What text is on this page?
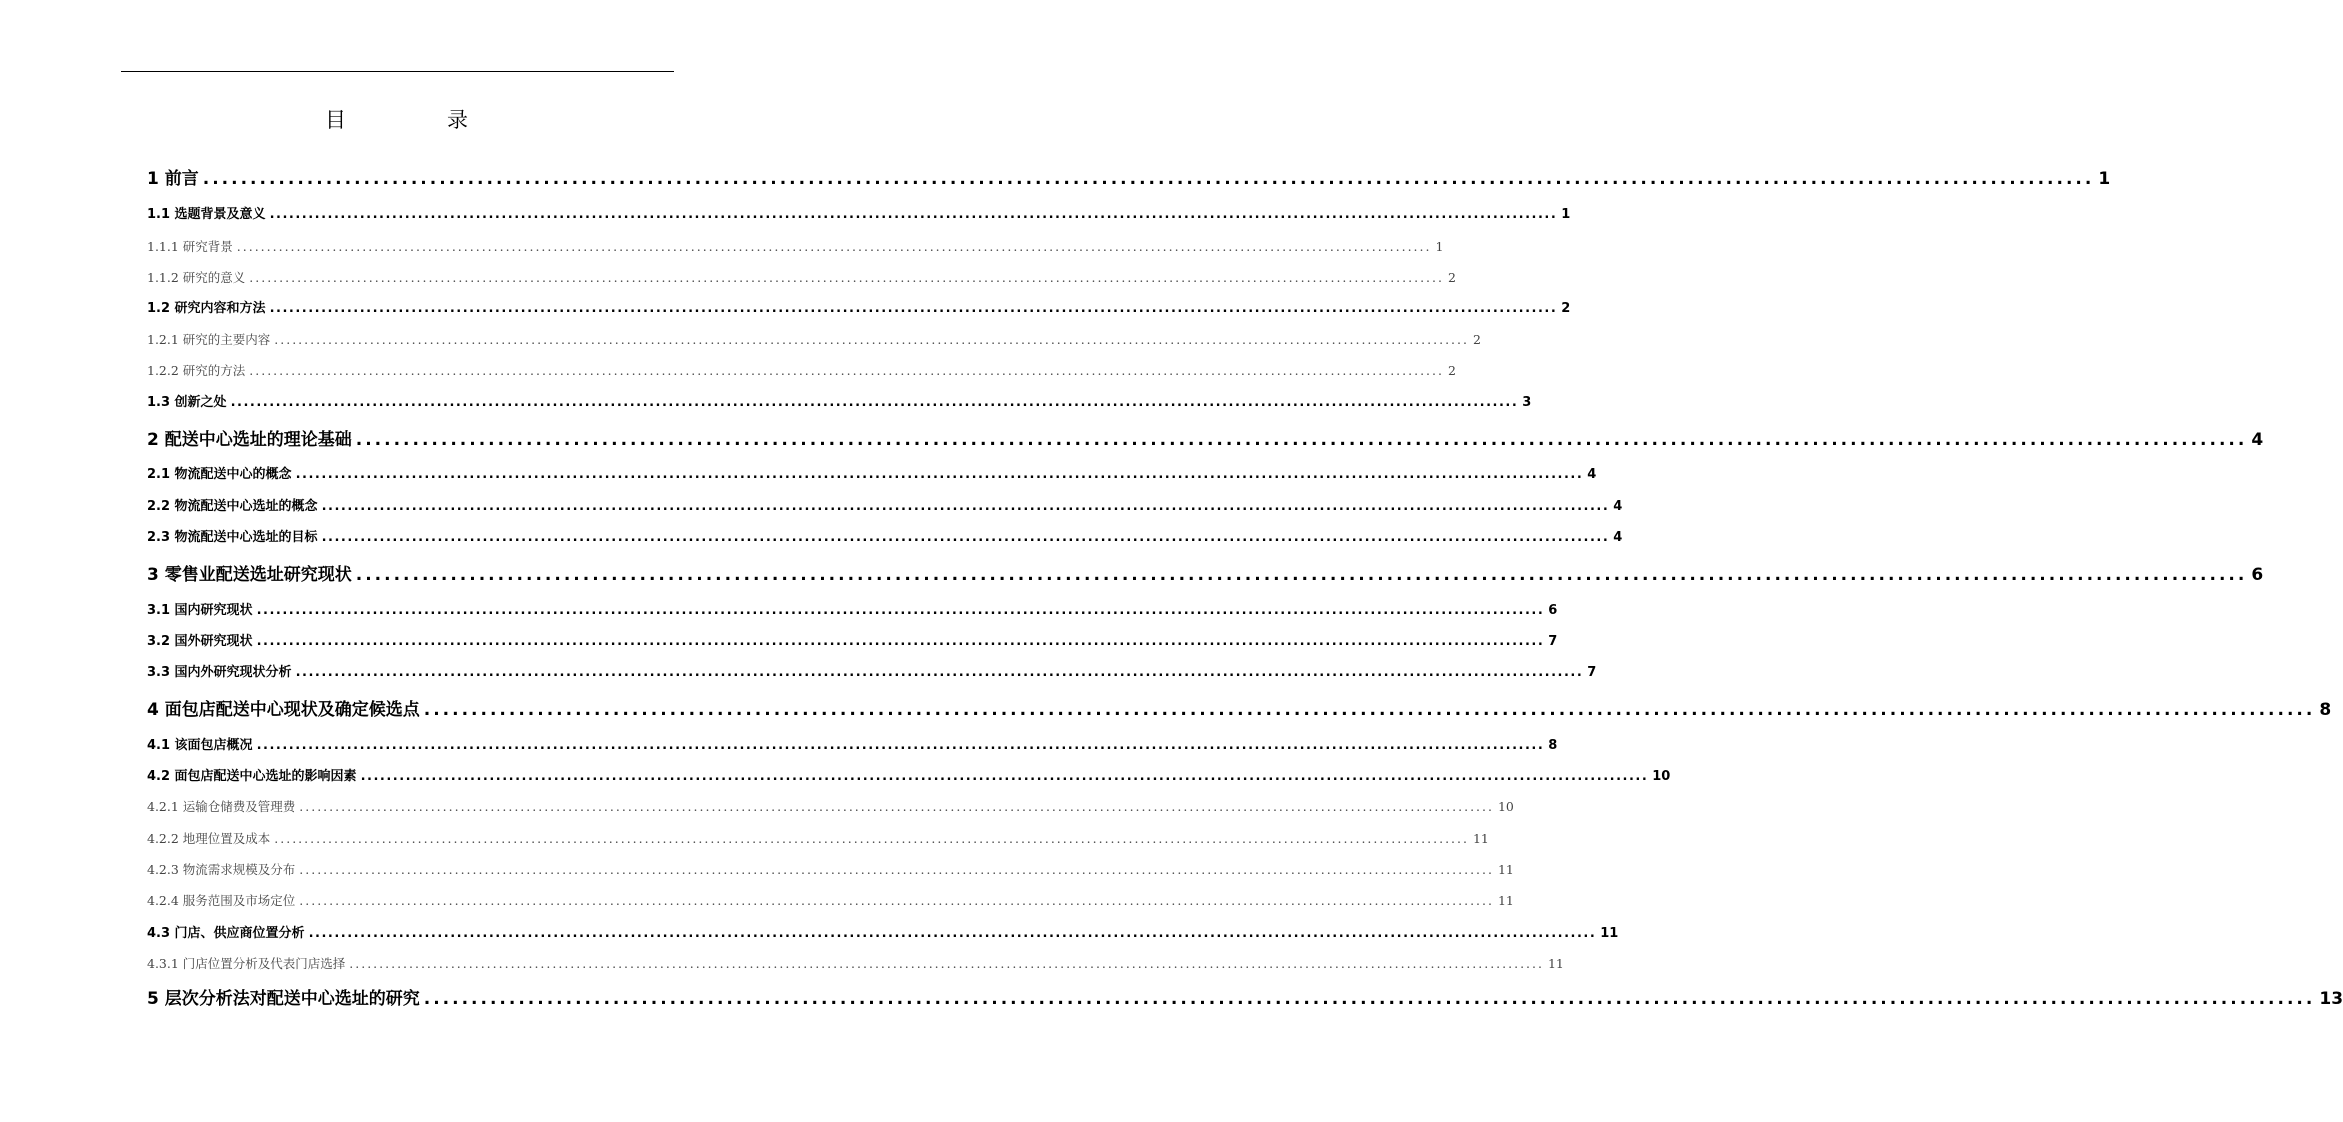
目　录
1 前言 ........................................................................................................................................................................................................ 1
1.1 选题背景及意义 ........................................................................................................................................................................................................ 1
1.1.1 研究背景 ........................................................................................................................................................................................................ 1
1.1.2 研究的意义 ........................................................................................................................................................................................................ 2
1.2 研究内容和方法 ........................................................................................................................................................................................................ 2
1.2.1 研究的主要内容 ........................................................................................................................................................................................................ 2
1.2.2 研究的方法 ........................................................................................................................................................................................................ 2
1.3 创新之处 ........................................................................................................................................................................................................ 3
2 配送中心选址的理论基础 ........................................................................................................................................................................................................ 4
2.1 物流配送中心的概念 ........................................................................................................................................................................................................ 4
2.2 物流配送中心选址的概念 ........................................................................................................................................................................................................ 4
2.3 物流配送中心选址的目标 ........................................................................................................................................................................................................ 4
3 零售业配送选址研究现状 ........................................................................................................................................................................................................ 6
3.1 国内研究现状 ........................................................................................................................................................................................................ 6
3.2 国外研究现状 ........................................................................................................................................................................................................ 7
3.3 国内外研究现状分析 ........................................................................................................................................................................................................ 7
4 面包店配送中心现状及确定候选点 ........................................................................................................................................................................................................ 8
4.1 该面包店概况 ........................................................................................................................................................................................................ 8
4.2 面包店配送中心选址的影响因素 ........................................................................................................................................................................................................ 10
4.2.1 运输仓储费及管理费 ........................................................................................................................................................................................................ 10
4.2.2 地理位置及成本 ........................................................................................................................................................................................................ 11
4.2.3 物流需求规模及分布 ........................................................................................................................................................................................................ 11
4.2.4 服务范围及市场定位 ........................................................................................................................................................................................................ 11
4.3 门店、供应商位置分析 ........................................................................................................................................................................................................ 11
4.3.1 门店位置分析及代表门店选择 ........................................................................................................................................................................................................ 11
5 层次分析法对配送中心选址的研究 ........................................................................................................................................................................................................ 13
